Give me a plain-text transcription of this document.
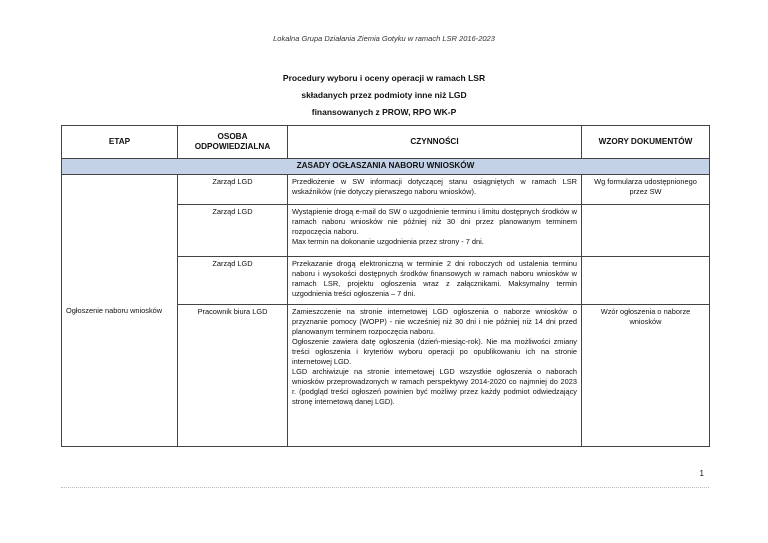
Lokalna Grupa Działania Ziemia Gotyku w ramach LSR 2016-2023
Procedury wyboru i oceny operacji w ramach LSR
składanych przez podmioty inne niż LGD
finansowanych z PROW, RPO WK-P
ETAP	OSOBA ODPOWIEDZIALNA	CZYNNOŚCI	WZORY DOKUMENTÓW
ZASADY OGŁASZANIA NABORU WNIOSKÓW			
Ogłoszenie naboru wniosków	Zarząd LGD	Przedłożenie w SW informacji dotyczącej stanu osiągniętych w ramach LSR wskaźników (nie dotyczy pierwszego naboru wniosków).	Wg formularza udostępnionego przez SW
	Zarząd LGD	Wystąpienie drogą e-mail do SW o uzgodnienie terminu i limitu dostępnych środków w ramach naboru wniosków nie później niż 30 dni przez planowanym terminem rozpoczęcia naboru.
Max termin na dokonanie uzgodnienia przez strony - 7 dni.	

	Zarząd LGD	Przekazanie drogą elektroniczną w terminie 2 dni roboczych od ustalenia terminu naboru i wysokości dostępnych środków finansowych w ramach naboru wniosków w ramach LSR, projektu ogłoszenia wraz z załącznikami. Maksymalny termin uzgodnienia treści ogłoszenia – 7 dni.	

	Pracownik biura LGD	Zamieszczenie na stronie internetowej LGD ogłoszenia o naborze wniosków o przyznanie pomocy (WOPP) - nie wcześniej niż 30 dni i nie później niż 14 dni przed planowanym terminem rozpoczęcia naboru.
Ogłoszenie zawiera datę ogłoszenia (dzień-miesiąc-rok). Nie ma możliwości zmiany treści ogłoszenia i kryteriów wyboru operacji po opublikowaniu ich na stronie internetowej LGD.
LGD archiwizuje na stronie internetowej LGD wszystkie ogłoszenia o naborach wniosków przeprowadzonych w ramach perspektywy 2014-2020 co najmniej do 2023 r. (podgląd treści ogłoszeń powinien być możliwy przez każdy podmiot odwiedzający stronę internetową danej LGD).	Wzór ogłoszenia o naborze wniosków
1
